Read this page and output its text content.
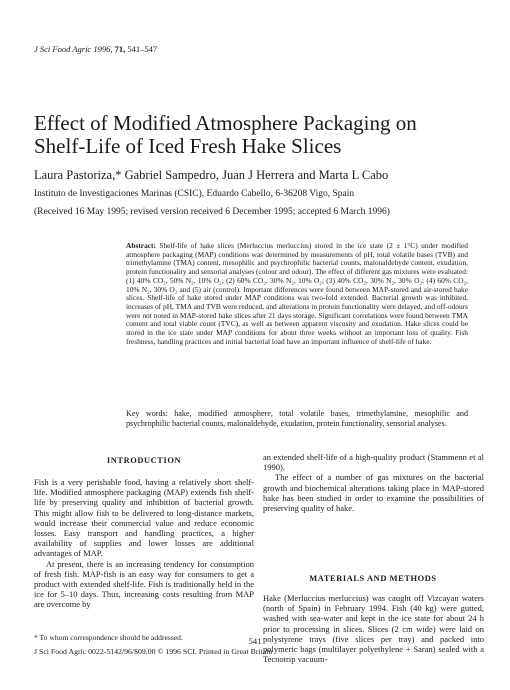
J Sci Food Agric 1996, 71, 541–547
Effect of Modified Atmosphere Packaging on Shelf-Life of Iced Fresh Hake Slices
Laura Pastoriza,* Gabriel Sampedro, Juan J Herrera and Marta L Cabo
Instituto de Investigaciones Marinas (CSIC), Eduardo Cabello, 6-36208 Vigo, Spain
(Received 16 May 1995; revised version received 6 December 1995; accepted 6 March 1996)
Abstract: Shelf-life of hake slices (Merluccius merluccius) stored in the ice state (2 ± 1°C) under modified atmosphere packaging (MAP) conditions was determined by measurements of pH, total volatile bases (TVB) and trimethylamine (TMA) content, mesophilic and psychrophilic bacterial counts, malonaldehyde content, exudation, protein functionality and sensorial analyses (colour and odour). The effect of different gas mixtures were evaluated: (1) 40% CO₂, 50% N₂, 10% O₂; (2) 60% CO₂, 30% N₂, 10% O₂; (3) 40% CO₂, 30% N₂, 30% O₂; (4) 60% CO₂, 10% N₂, 30% O₂ and (5) air (control). Important differences were found between MAP-stored and air-stored hake slices. Shelf-life of hake stored under MAP conditions was two-fold extended. Bacterial growth was inhibited, increases of pH, TMA and TVB were reduced, and alterations in protein functionality were delayed, and off-odours were not noted in MAP-stored hake slices after 21 days storage. Significant correlations were found between TMA content and total viable count (TVC), as well as between apparent viscosity and exudation. Hake slices could be stored in the ice state under MAP conditions for about three weeks without an important loss of quality. Fish freshness, handling practices and initial bacterial load have an important influence of shelf-life of hake.
Key words: hake, modified atmosphere, total volatile bases, trimethylamine, mesophilic and psychrophilic bacterial counts, malonaldehyde, exudation, protein functionality, sensorial analyses.
INTRODUCTION

Fish is a very perishable food, having a relatively short shelf-life. Modified atmosphere packaging (MAP) extends fish shelf-life by preserving quality and inhibition of bacterial growth. This might allow fish to be delivered to long-distance markets, would increase their commercial value and reduce economic losses. Easy transport and handling practices, a higher availability of supplies and lower losses are additional advantages of MAP.

At present, there is an increasing tendency for consumption of fresh fish. MAP-fish is an easy way for consumers to get a product with extended shelf-life. Fish is traditionally held in the ice for 5–10 days. Thus, increasing costs resulting from MAP are overcome by

an extended shelf-life of a high-quality product (Stammenn et al 1990).

The effect of a number of gas mixtures on the bacterial growth and biochemical alterations taking place in MAP-stored hake has been studied in order to examine the possibilities of preserving quality of hake.

MATERIALS AND METHODS

Hake (Merluccius merluccius) was caught off Vizcayan waters (north of Spain) in February 1994. Fish (40 kg) were gutted, washed with sea-water and kept in the ice state for about 24 h prior to processing in slices. Slices (2 cm wide) were laid on polystyrene trays (five slices per tray) and packed into polymeric bags (multilayer polyethylene + Saran) sealed with a Tecnotrip vacuum-

* To whom correspondence should be addressed.	541
J Sci Food Agric 0022-5142/96/$09.00 © 1996 SCI. Printed in Great Britain
